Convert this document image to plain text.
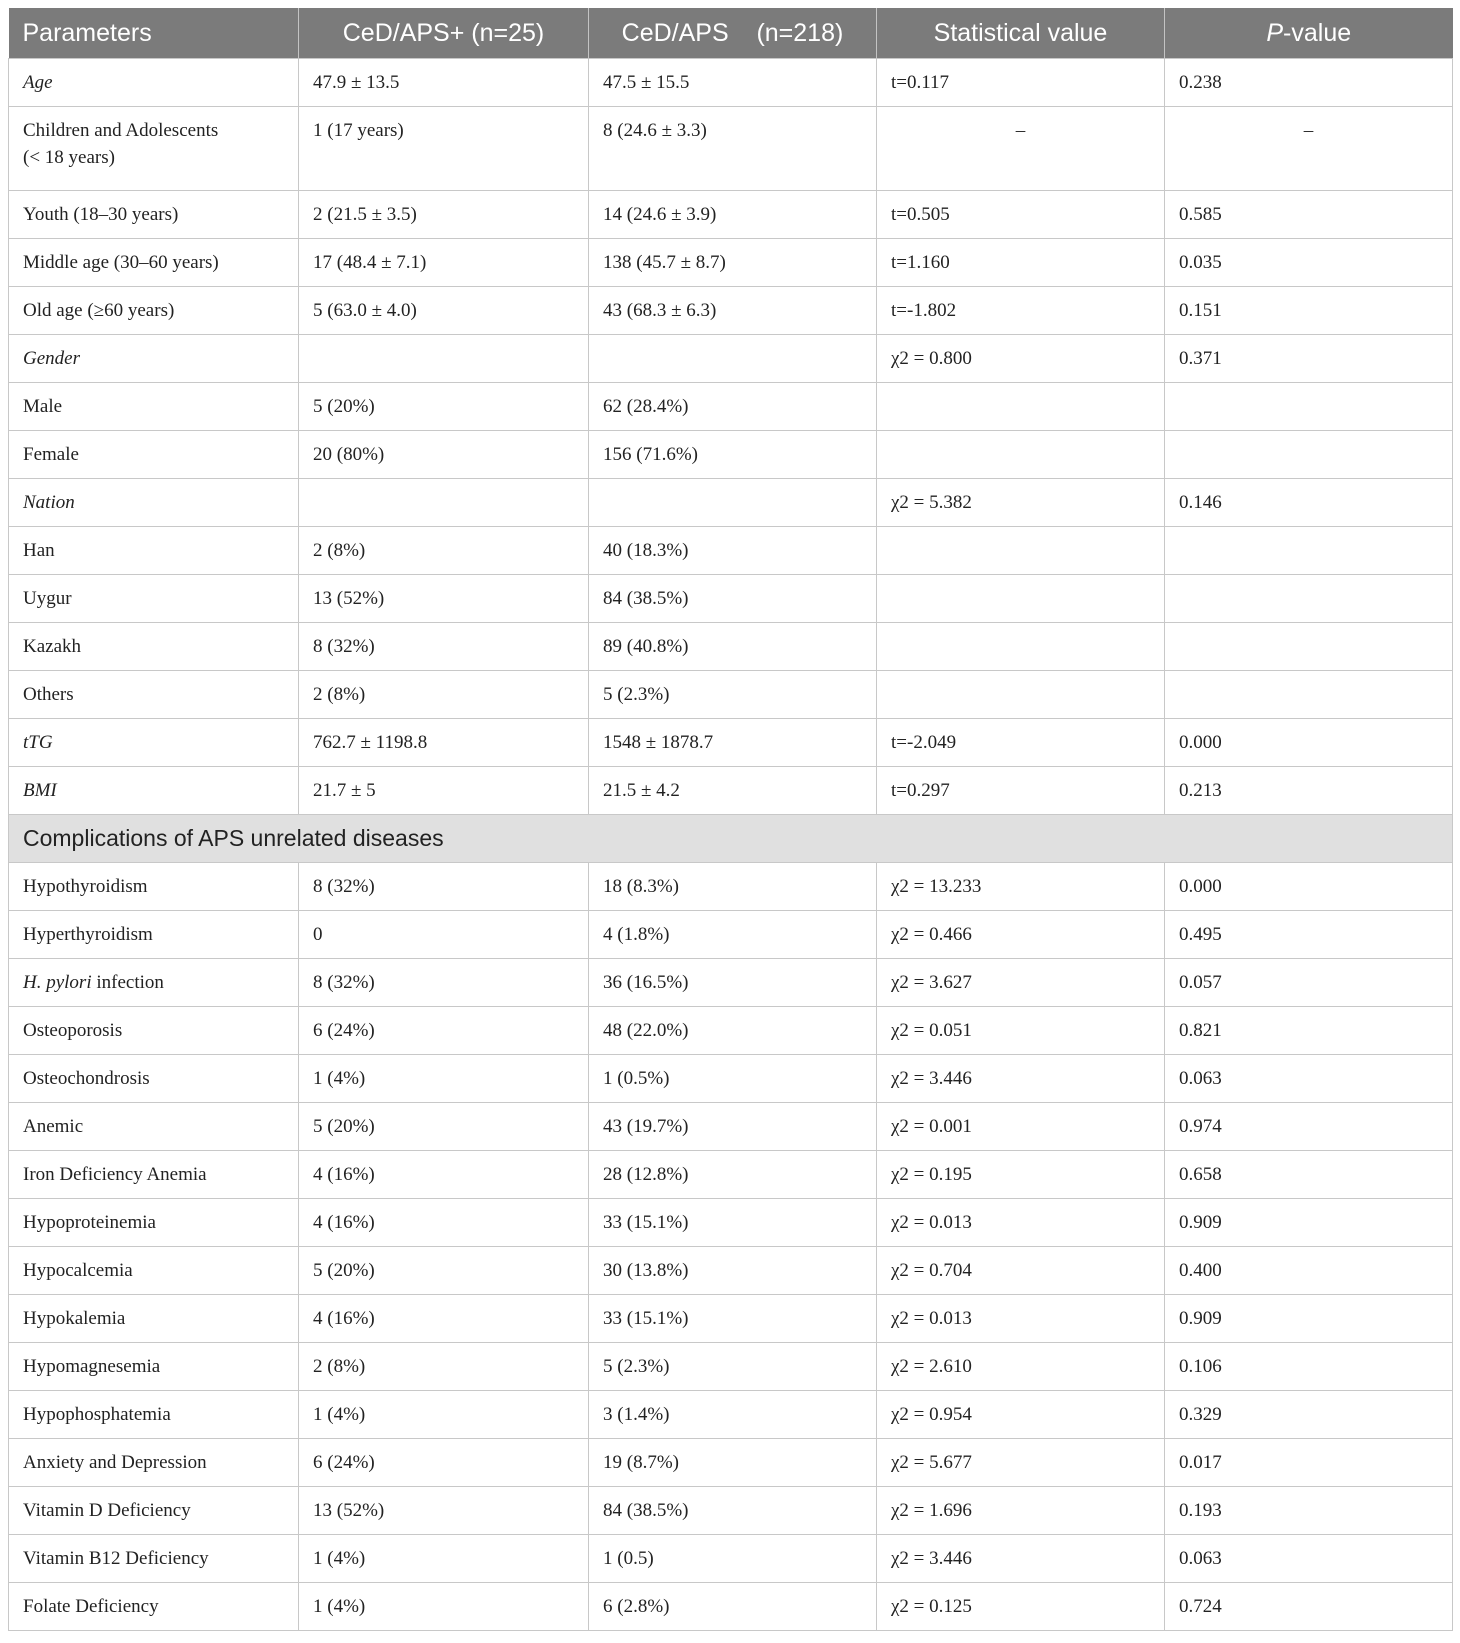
Parameters	CeD/APS+ (n=25)	CeD/APS    (n=218)	Statistical value	P-value
Age	47.9 ± 13.5	47.5 ± 15.5	t=0.117	0.238
Children and Adolescents
(< 18 years)	1 (17 years)	8 (24.6 ± 3.3)	–	–
Youth (18–30 years)	2 (21.5 ± 3.5)	14 (24.6 ± 3.9)	t=0.505	0.585
Middle age (30–60 years)	17 (48.4 ± 7.1)	138 (45.7 ± 8.7)	t=1.160	0.035
Old age (≥60 years)	5 (63.0 ± 4.0)	43 (68.3 ± 6.3)	t=-1.802	0.151
Gender			χ2 = 0.800	0.371
Male	5 (20%)	62 (28.4%)		
Female	20 (80%)	156 (71.6%)		
Nation			χ2 = 5.382	0.146
Han	2 (8%)	40 (18.3%)		
Uygur	13 (52%)	84 (38.5%)		
Kazakh	8 (32%)	89 (40.8%)		
Others	2 (8%)	5 (2.3%)		
tTG	762.7 ± 1198.8	1548 ± 1878.7	t=-2.049	0.000
BMI	21.7 ± 5	21.5 ± 4.2	t=0.297	0.213
Complications of APS unrelated diseases				
Hypothyroidism	8 (32%)	18 (8.3%)	χ2 = 13.233	0.000
Hyperthyroidism	0	4 (1.8%)	χ2 = 0.466	0.495
H. pylori infection	8 (32%)	36 (16.5%)	χ2 = 3.627	0.057
Osteoporosis	6 (24%)	48 (22.0%)	χ2 = 0.051	0.821
Osteochondrosis	1 (4%)	1 (0.5%)	χ2 = 3.446	0.063
Anemic	5 (20%)	43 (19.7%)	χ2 = 0.001	0.974
Iron Deficiency Anemia	4 (16%)	28 (12.8%)	χ2 = 0.195	0.658
Hypoproteinemia	4 (16%)	33 (15.1%)	χ2 = 0.013	0.909
Hypocalcemia	5 (20%)	30 (13.8%)	χ2 = 0.704	0.400
Hypokalemia	4 (16%)	33 (15.1%)	χ2 = 0.013	0.909
Hypomagnesemia	2 (8%)	5 (2.3%)	χ2 = 2.610	0.106
Hypophosphatemia	1 (4%)	3 (1.4%)	χ2 = 0.954	0.329
Anxiety and Depression	6 (24%)	19 (8.7%)	χ2 = 5.677	0.017
Vitamin D Deficiency	13 (52%)	84 (38.5%)	χ2 = 1.696	0.193
Vitamin B12 Deficiency	1 (4%)	1 (0.5)	χ2 = 3.446	0.063
Folate Deficiency	1 (4%)	6 (2.8%)	χ2 = 0.125	0.724
